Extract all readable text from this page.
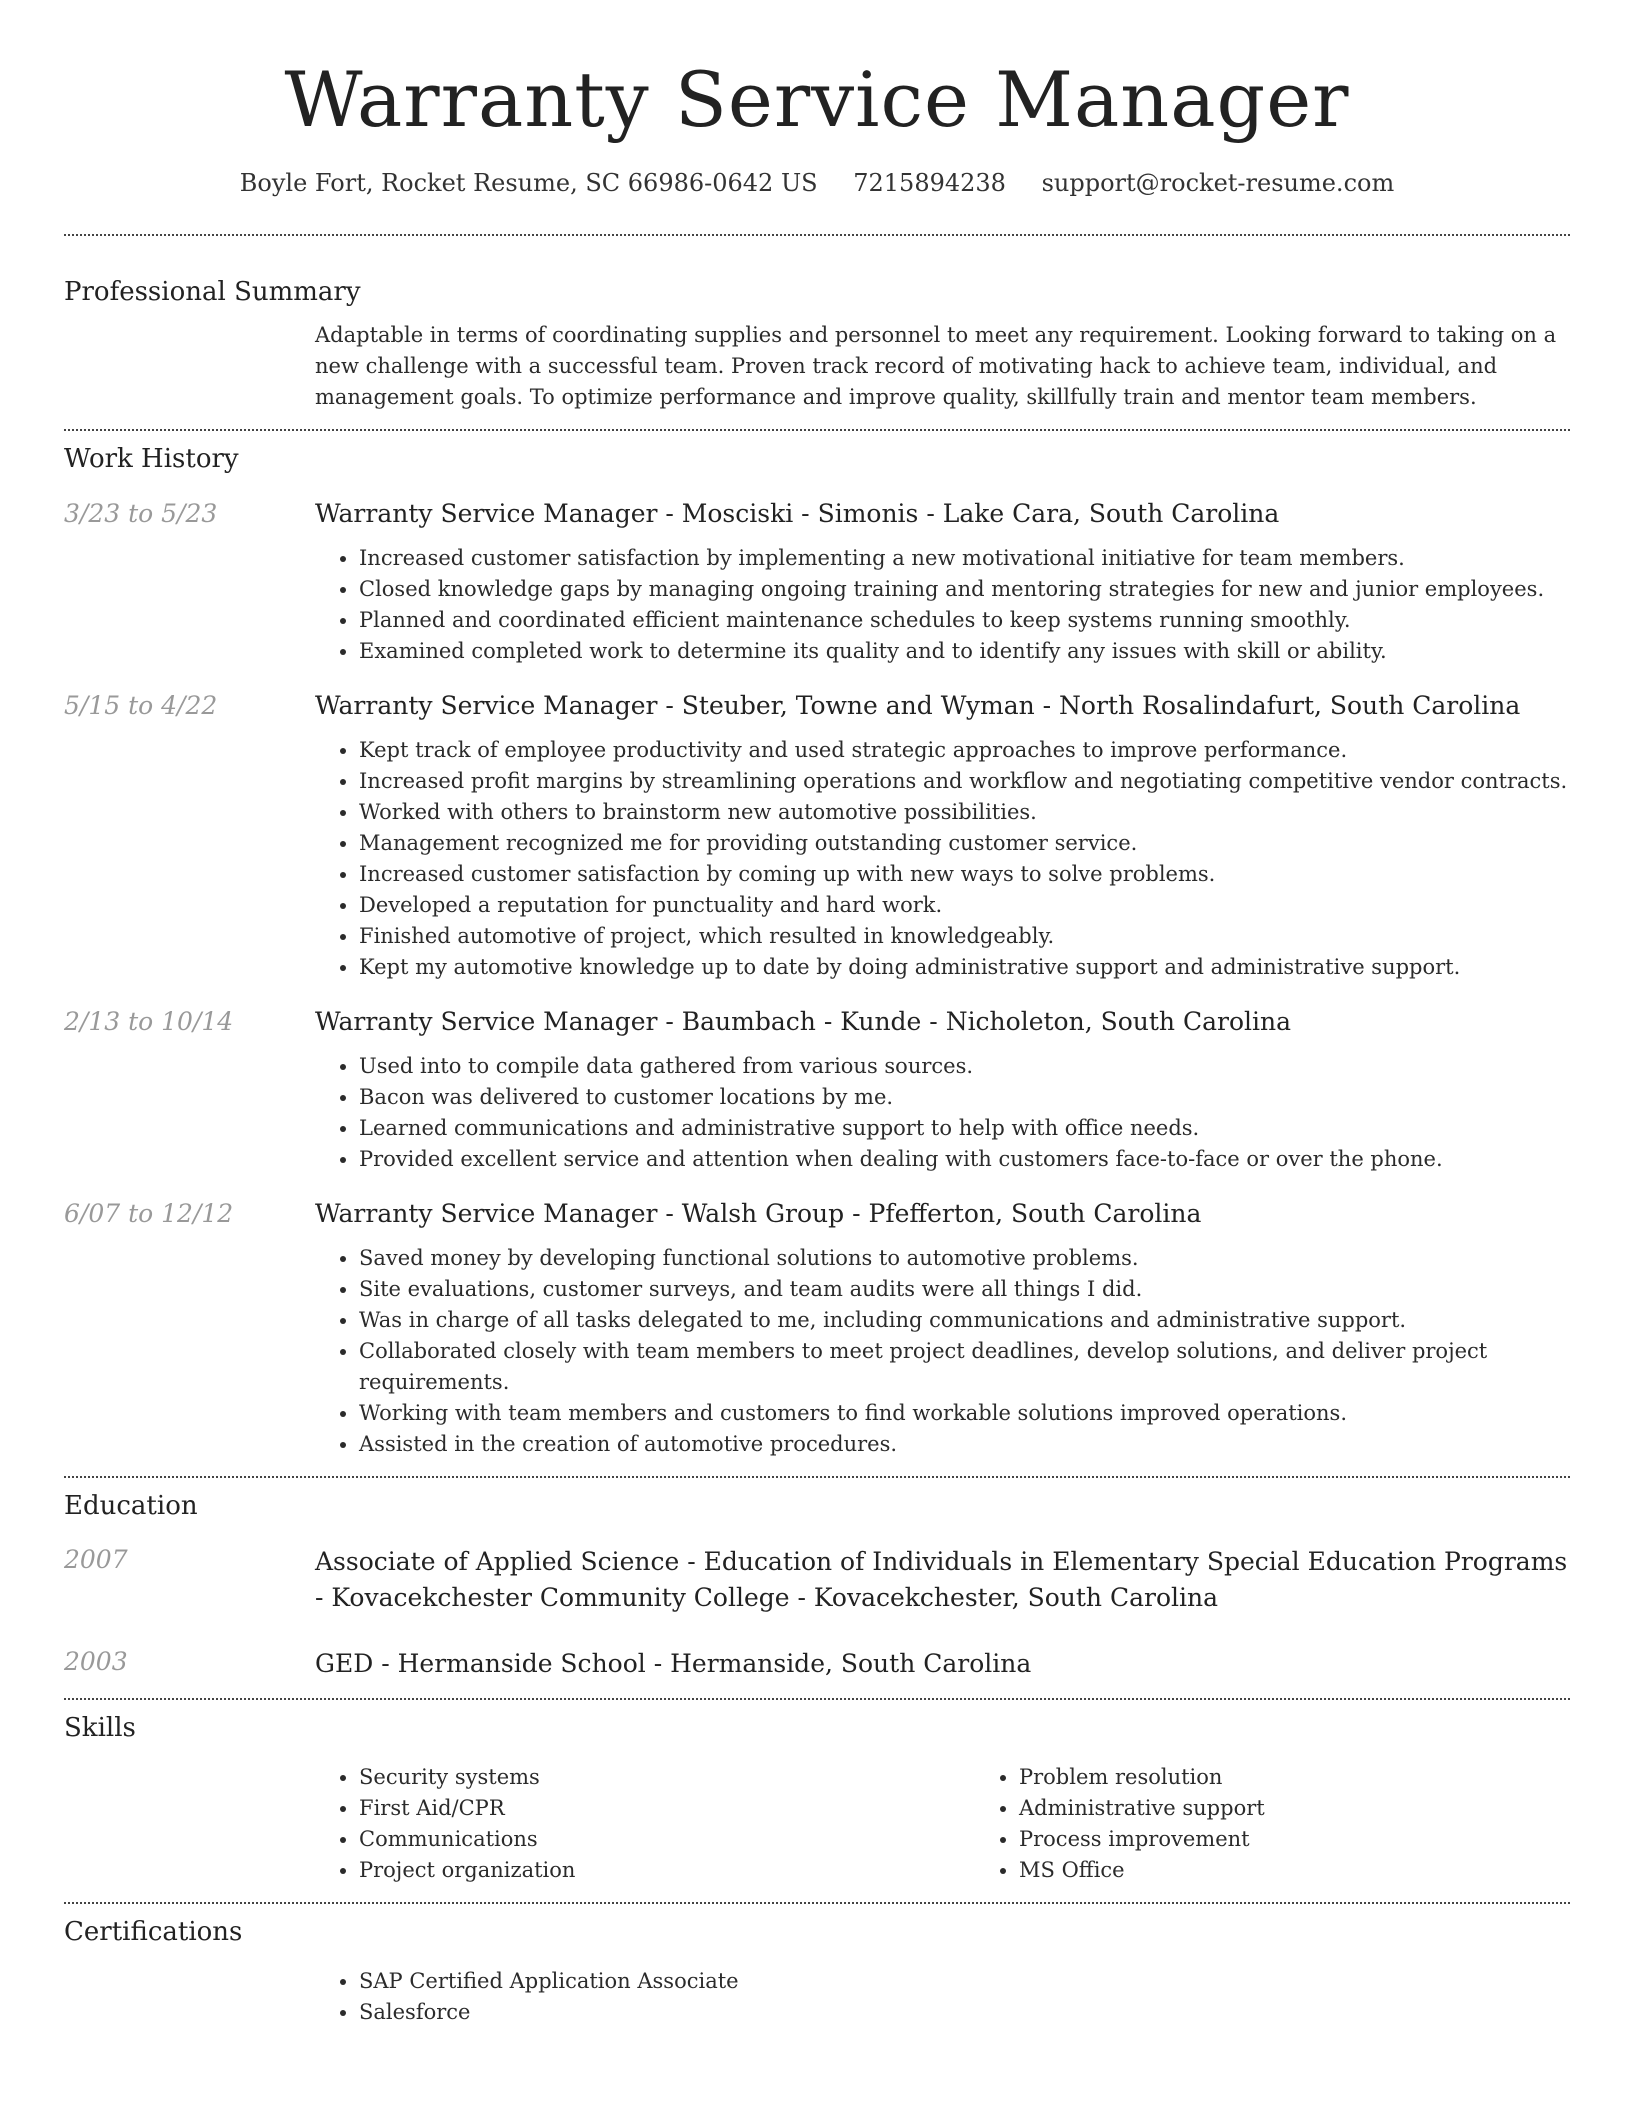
Warranty Service Manager
Boyle Fort, Rocket Resume, SC 66986-0642 US 7215894238 support@rocket-resume.com
Professional Summary

Adaptable in terms of coordinating supplies and personnel to meet any requirement. Looking forward to taking on a new challenge with a successful team. Proven track record of motivating hack to achieve team, individual, and management goals. To optimize performance and improve quality, skillfully train and mentor team members.

Work History
3/23 to 5/23	Warranty Service Manager - Mosciski - Simonis - Lake Cara, South Carolina
• Increased customer satisfaction by implementing a new motivational initiative for team members.
• Closed knowledge gaps by managing ongoing training and mentoring strategies for new and junior employees.
• Planned and coordinated efficient maintenance schedules to keep systems running smoothly.
• Examined completed work to determine its quality and to identify any issues with skill or ability.
5/15 to 4/22	Warranty Service Manager - Steuber, Towne and Wyman - North Rosalindafurt, South Carolina
• Kept track of employee productivity and used strategic approaches to improve performance.
• Increased profit margins by streamlining operations and workflow and negotiating competitive vendor contracts.
• Worked with others to brainstorm new automotive possibilities.
• Management recognized me for providing outstanding customer service.
• Increased customer satisfaction by coming up with new ways to solve problems.
• Developed a reputation for punctuality and hard work.
• Finished automotive of project, which resulted in knowledgeably.
• Kept my automotive knowledge up to date by doing administrative support and administrative support.
2/13 to 10/14	Warranty Service Manager - Baumbach - Kunde - Nicholeton, South Carolina
• Used into to compile data gathered from various sources.
• Bacon was delivered to customer locations by me.
• Learned communications and administrative support to help with office needs.
• Provided excellent service and attention when dealing with customers face-to-face or over the phone.
6/07 to 12/12	Warranty Service Manager - Walsh Group - Pfefferton, South Carolina
• Saved money by developing functional solutions to automotive problems.
• Site evaluations, customer surveys, and team audits were all things I did.
• Was in charge of all tasks delegated to me, including communications and administrative support.
• Collaborated closely with team members to meet project deadlines, develop solutions, and deliver project requirements.
• Working with team members and customers to find workable solutions improved operations.
• Assisted in the creation of automotive procedures.
Education
2007	Associate of Applied Science - Education of Individuals in Elementary Special Education Programs - Kovacekchester Community College - Kovacekchester, South Carolina
2003	GED - Hermanside School - Hermanside, South Carolina
Skills
• Security systems
• First Aid/CPR
• Communications
• Project organization
• Problem resolution
• Administrative support
• Process improvement
• MS Office
Certifications
• SAP Certified Application Associate
• Salesforce
